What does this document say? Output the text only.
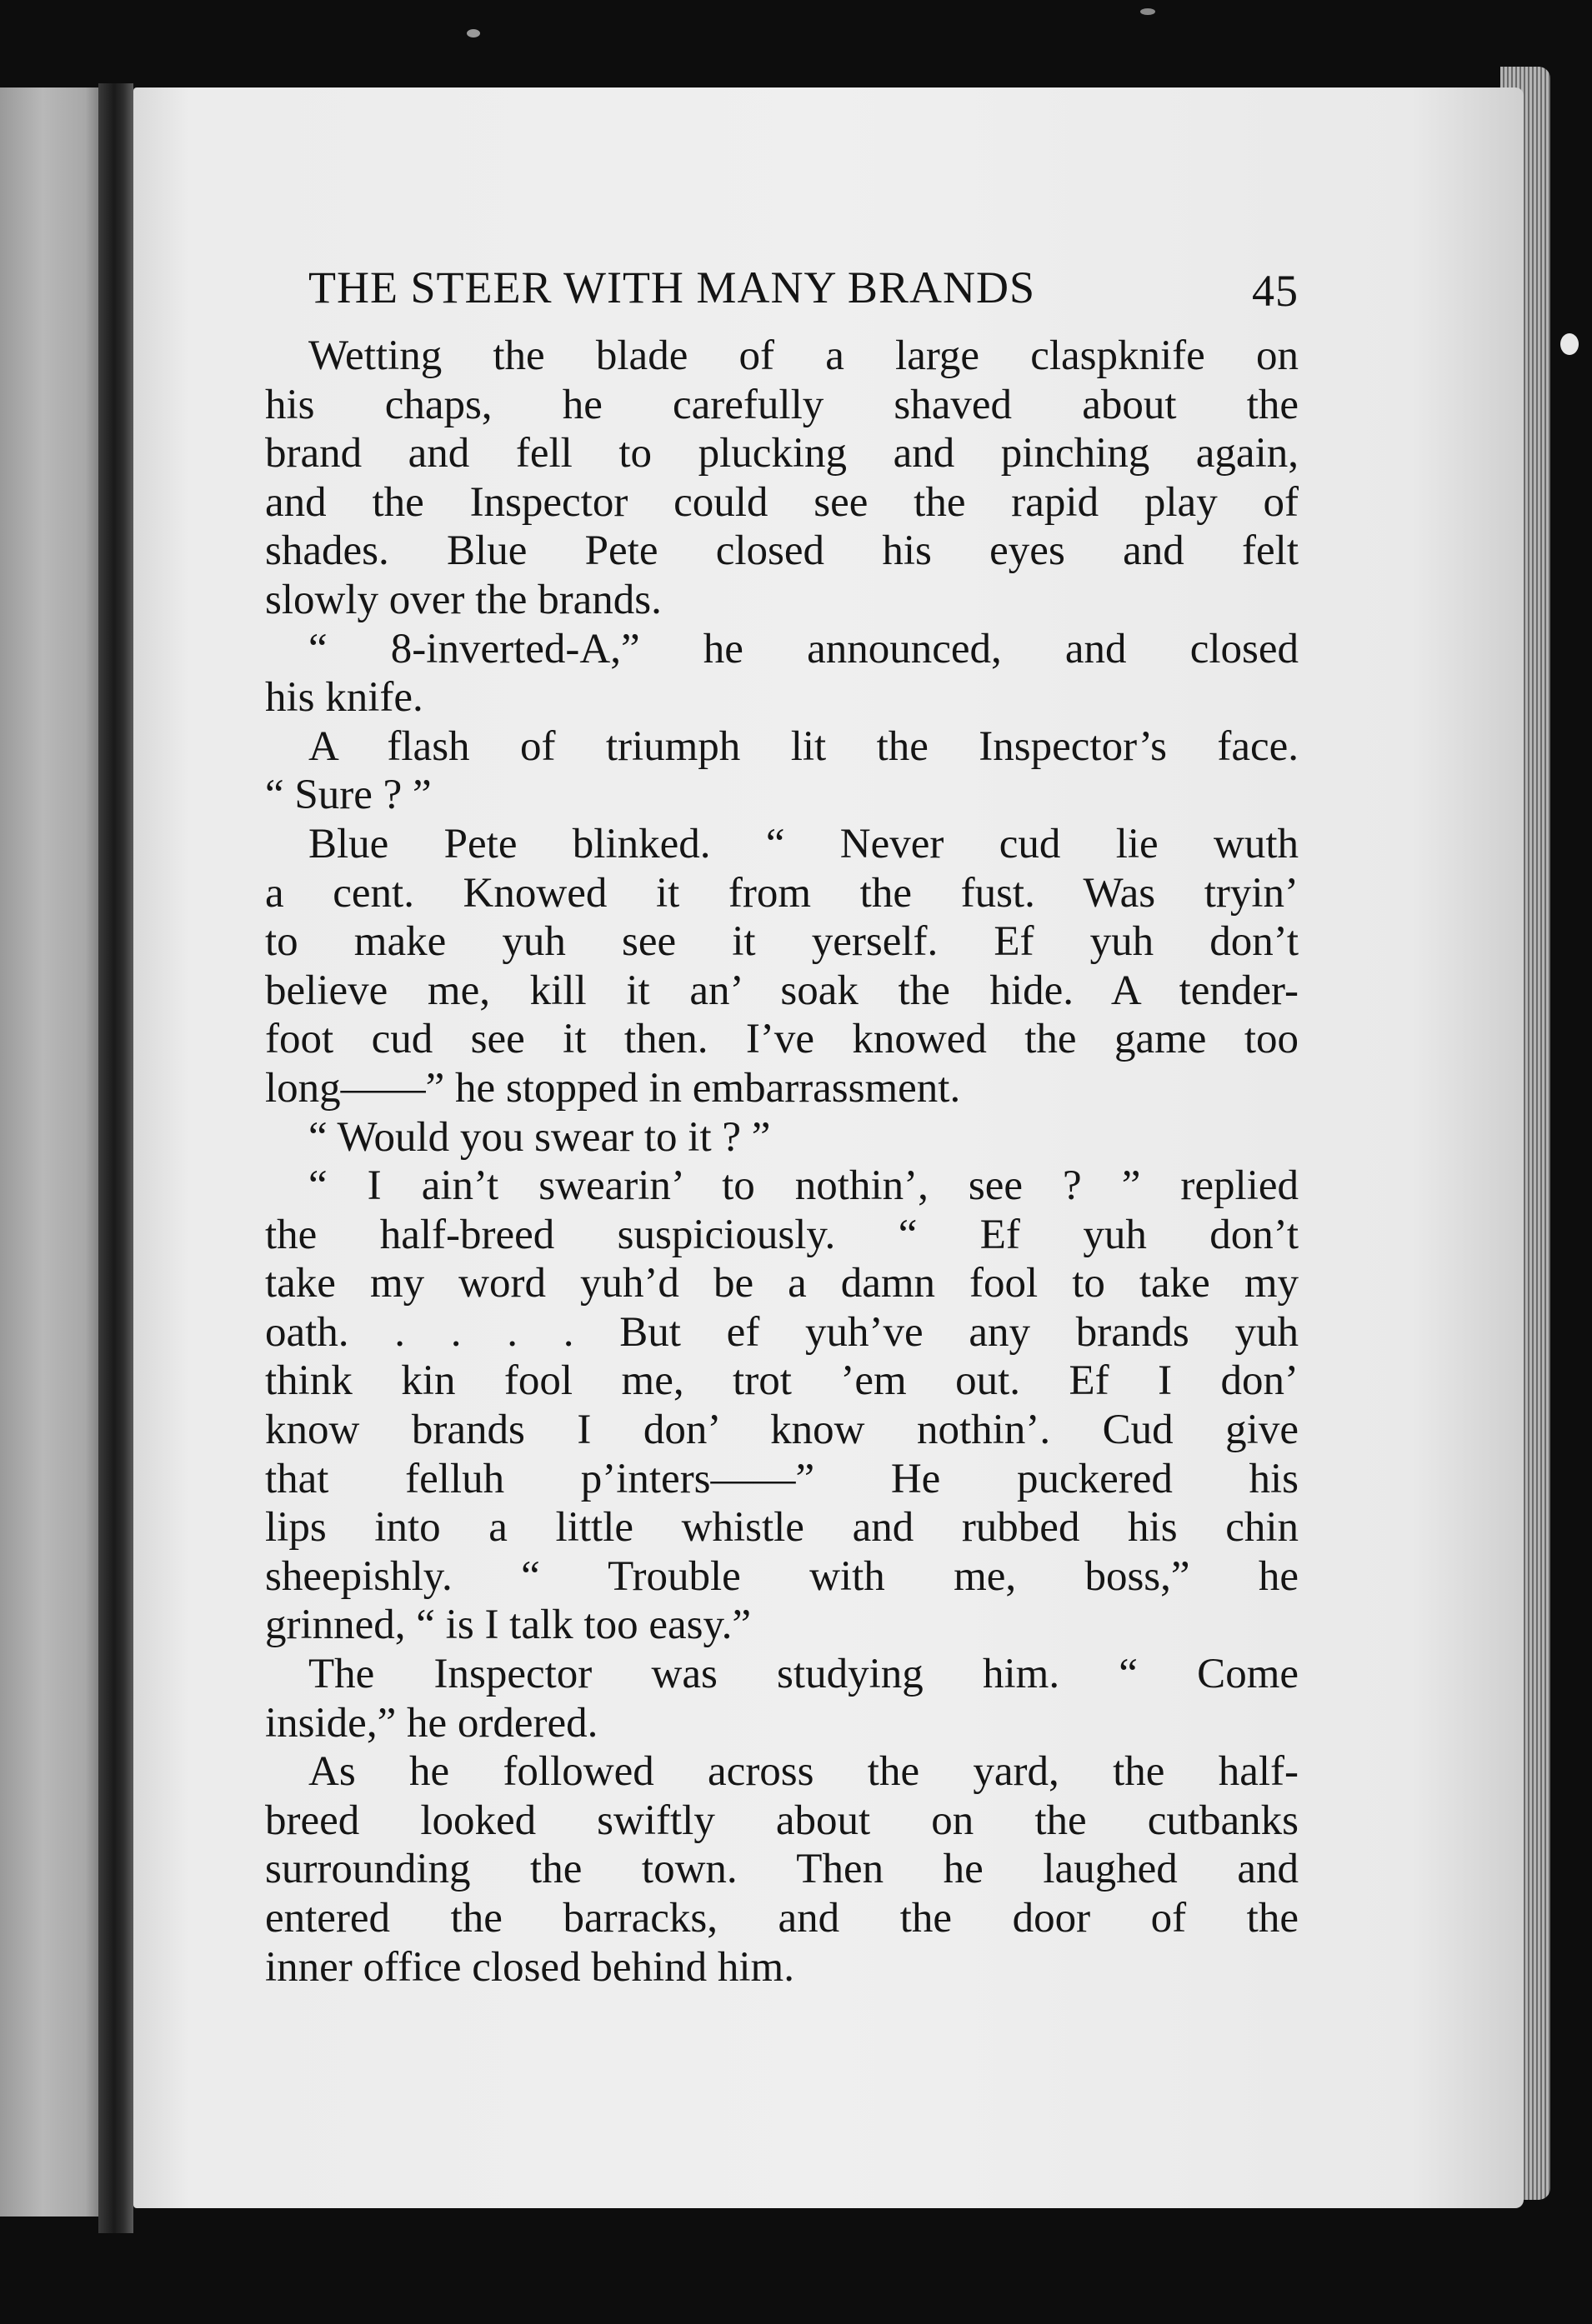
THE STEER WITH MANY BRANDS	45
Wetting the blade of a large claspknife on
his chaps, he carefully shaved about the
brand and fell to plucking and pinching again,
and the Inspector could see the rapid play of
shades. Blue Pete closed his eyes and felt
slowly over the brands.
“ 8-inverted-A,” he announced, and closed
his knife.
A flash of triumph lit the Inspector’s face.
“ Sure ? ”
Blue Pete blinked. “ Never cud lie wuth
a cent. Knowed it from the fust. Was tryin’
to make yuh see it yerself. Ef yuh don’t
believe me, kill it an’ soak the hide. A tender-
foot cud see it then. I’ve knowed the game too
long——” he stopped in embarrassment.
“ Would you swear to it ? ”
“ I ain’t swearin’ to nothin’, see ? ” replied
the half-breed suspiciously. “ Ef yuh don’t
take my word yuh’d be a damn fool to take my
oath. . . . . But ef yuh’ve any brands yuh
think kin fool me, trot ’em out. Ef I don’
know brands I don’ know nothin’. Cud give
that felluh p’inters——” He puckered his
lips into a little whistle and rubbed his chin
sheepishly. “ Trouble with me, boss,” he
grinned, “ is I talk too easy.”
The Inspector was studying him. “ Come
inside,” he ordered.
As he followed across the yard, the half-
breed looked swiftly about on the cutbanks
surrounding the town. Then he laughed and
entered the barracks, and the door of the
inner office closed behind him.
